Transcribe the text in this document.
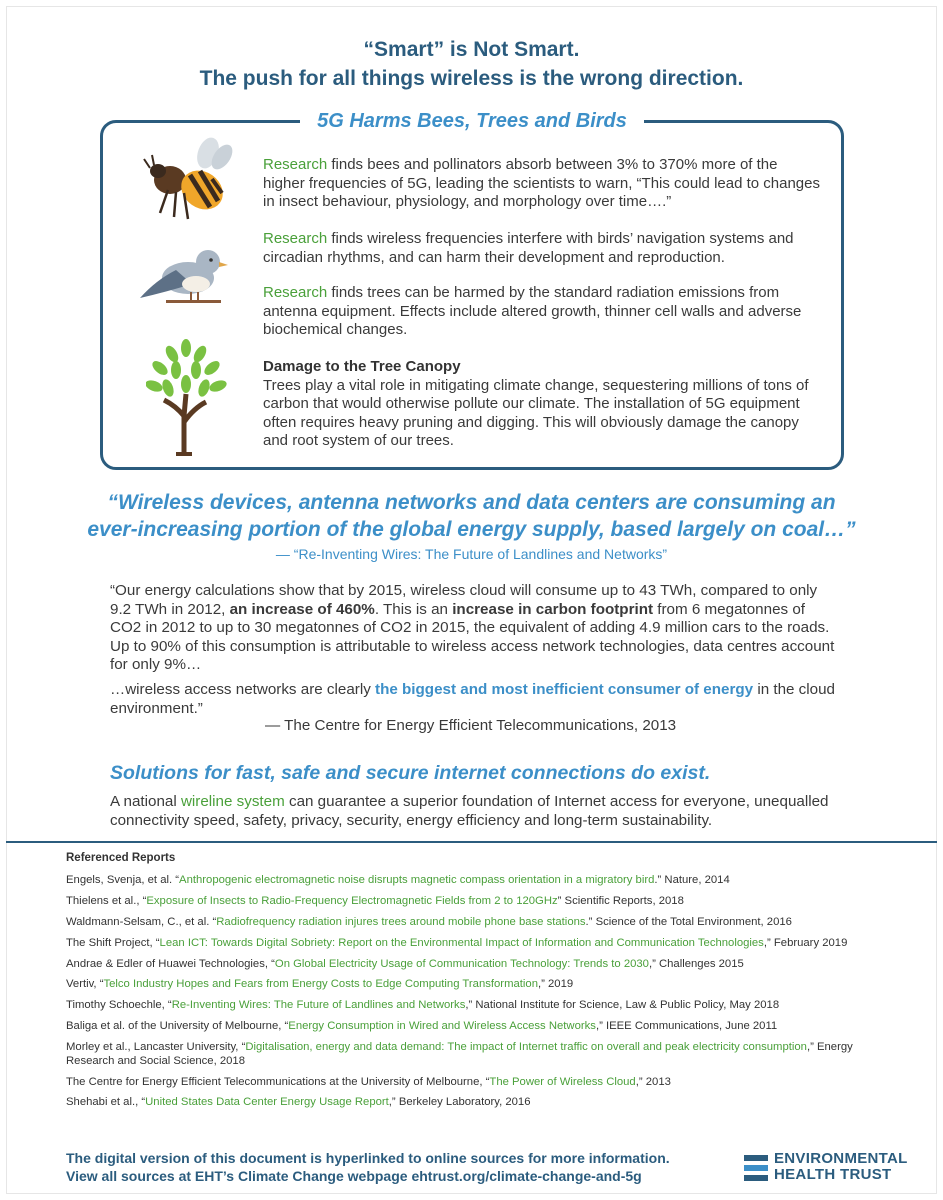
“Smart” is Not Smart.
The push for all things wireless is the wrong direction.
5G Harms Bees, Trees and Birds
Research finds bees and pollinators absorb between 3% to 370% more of the higher frequencies of 5G, leading the scientists to warn, “This could lead to changes in insect behaviour, physiology, and morphology over time….”
Research finds wireless frequencies interfere with birds’ navigation systems and circadian rhythms, and can harm their development and reproduction.
Research finds trees can be harmed by the standard radiation emissions from antenna equipment. Effects include altered growth, thinner cell walls and adverse biochemical changes.
Damage to the Tree Canopy
Trees play a vital role in mitigating climate change, sequestering millions of tons of carbon that would otherwise pollute our climate. The installation of 5G equipment often requires heavy pruning and digging. This will obviously damage the canopy and root system of our trees.
“Wireless devices, antenna networks and data centers are consuming an
ever-increasing portion of the global energy supply, based largely on coal…”
— “Re-Inventing Wires: The Future of Landlines and Networks”
“Our energy calculations show that by 2015, wireless cloud will consume up to 43 TWh, compared to only 9.2 TWh in 2012, an increase of 460%. This is an increase in carbon footprint from 6 megatonnes of CO2 in 2012 to up to 30 megatonnes of CO2 in 2015, the equivalent of adding 4.9 million cars to the roads. Up to 90% of this consumption is attributable to wireless access network technologies, data centres account for only 9%…
…wireless access networks are clearly the biggest and most inefficient consumer of energy in the cloud environment.”
— The Centre for Energy Efficient Telecommunications, 2013
Solutions for fast, safe and secure internet connections do exist.
A national wireline system can guarantee a superior foundation of Internet access for everyone, unequalled connectivity speed, safety, privacy, security, energy efficiency and long-term sustainability.
Referenced Reports
Engels, Svenja, et al. “Anthropogenic electromagnetic noise disrupts magnetic compass orientation in a migratory bird.” Nature, 2014
Thielens et al., “Exposure of Insects to Radio-Frequency Electromagnetic Fields from 2 to 120GHz” Scientific Reports, 2018
Waldmann-Selsam, C., et al. “Radiofrequency radiation injures trees around mobile phone base stations.” Science of the Total Environment, 2016
The Shift Project, “Lean ICT: Towards Digital Sobriety: Report on the Environmental Impact of Information and Communication Technologies,” February 2019
Andrae & Edler of Huawei Technologies, “On Global Electricity Usage of Communication Technology: Trends to 2030,” Challenges 2015
Vertiv, “Telco Industry Hopes and Fears from Energy Costs to Edge Computing Transformation,” 2019
Timothy Schoechle, “Re-Inventing Wires: The Future of Landlines and Networks,” National Institute for Science, Law & Public Policy, May 2018
Baliga et al. of the University of Melbourne, “Energy Consumption in Wired and Wireless Access Networks,” IEEE Communications, June 2011
Morley et al., Lancaster University, “Digitalisation, energy and data demand: The impact of Internet traffic on overall and peak electricity consumption,” Energy Research and Social Science, 2018
The Centre for Energy Efficient Telecommunications at the University of Melbourne, “The Power of Wireless Cloud,” 2013
Shehabi et al., “United States Data Center Energy Usage Report,” Berkeley Laboratory, 2016
The digital version of this document is hyperlinked to online sources for more information.
View all sources at EHT’s Climate Change webpage ehtrust.org/climate-change-and-5g
ENVIRONMENTAL
HEALTH TRUST
